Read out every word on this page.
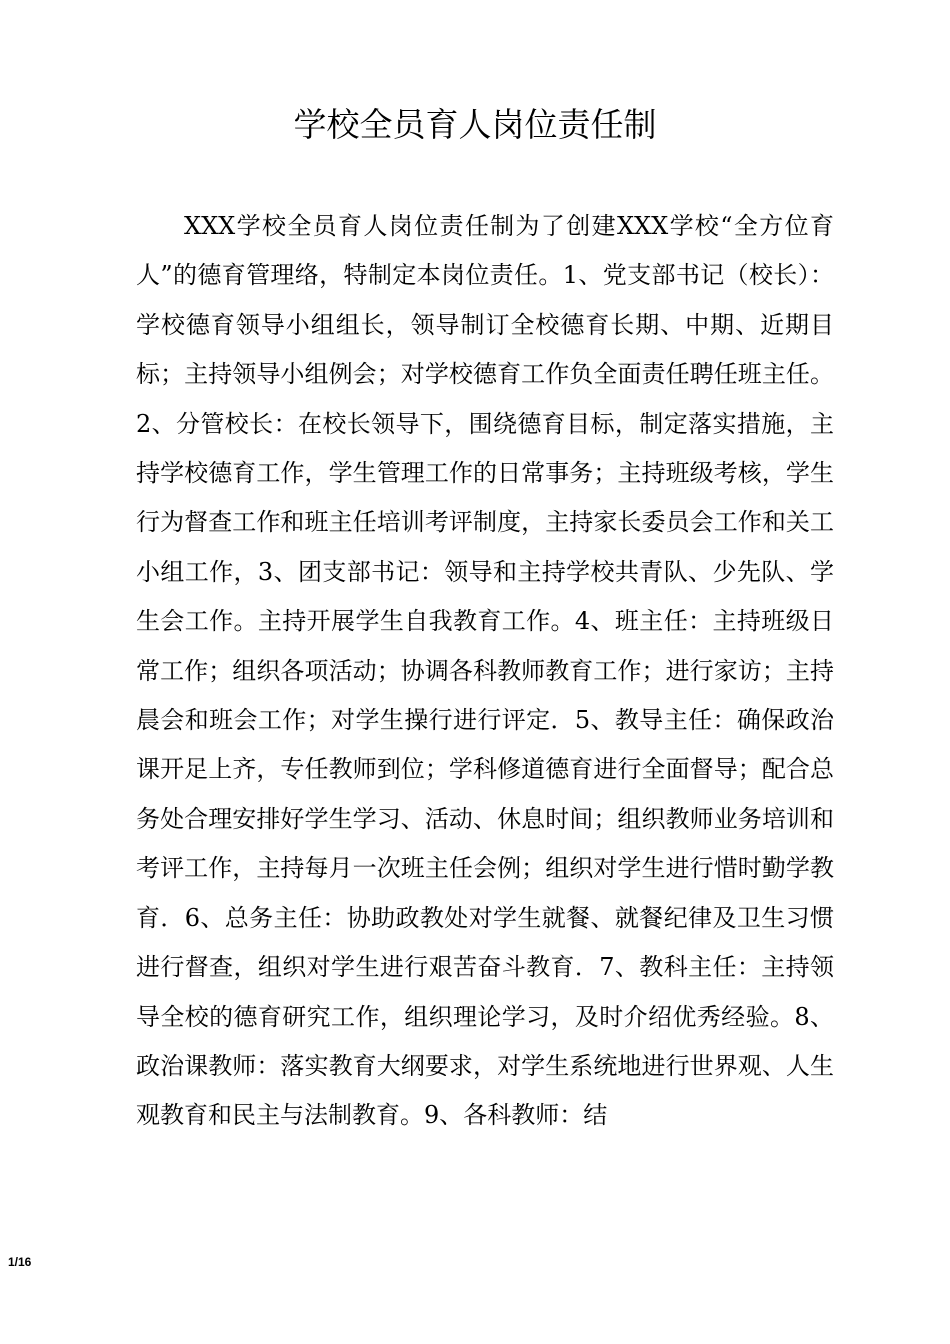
学校全员育人岗位责任制

XXX学校全员育人岗位责任制为了创建XXX学校“全方位育人”的德育管理络，特制定本岗位责任。1、党支部书记（校长）：学校德育领导小组组长，领导制订全校德育长期、中期、近期目标；主持领导小组例会；对学校德育工作负全面责任聘任班主任。2、分管校长：在校长领导下，围绕德育目标，制定落实措施，主持学校德育工作，学生管理工作的日常事务；主持班级考核，学生行为督查工作和班主任培训考评制度，主持家长委员会工作和关工小组工作，3、团支部书记：领导和主持学校共青队、少先队、学生会工作。主持开展学生自我教育工作。4、班主任：主持班级日常工作；组织各项活动；协调各科教师教育工作；进行家访；主持晨会和班会工作；对学生操行进行评定．5、教导主任：确保政治课开足上齐，专任教师到位；学科修道德育进行全面督导；配合总务处合理安排好学生学习、活动、休息时间；组织教师业务培训和考评工作，主持每月一次班主任会例；组织对学生进行惜时勤学教育．6、总务主任：协助政教处对学生就餐、就餐纪律及卫生习惯进行督查，组织对学生进行艰苦奋斗教育．7、教科主任：主持领导全校的德育研究工作，组织理论学习，及时介绍优秀经验。8、政治课教师：落实教育大纲要求，对学生系统地进行世界观、人生观教育和民主与法制教育。9、各科教师：结

1/16
